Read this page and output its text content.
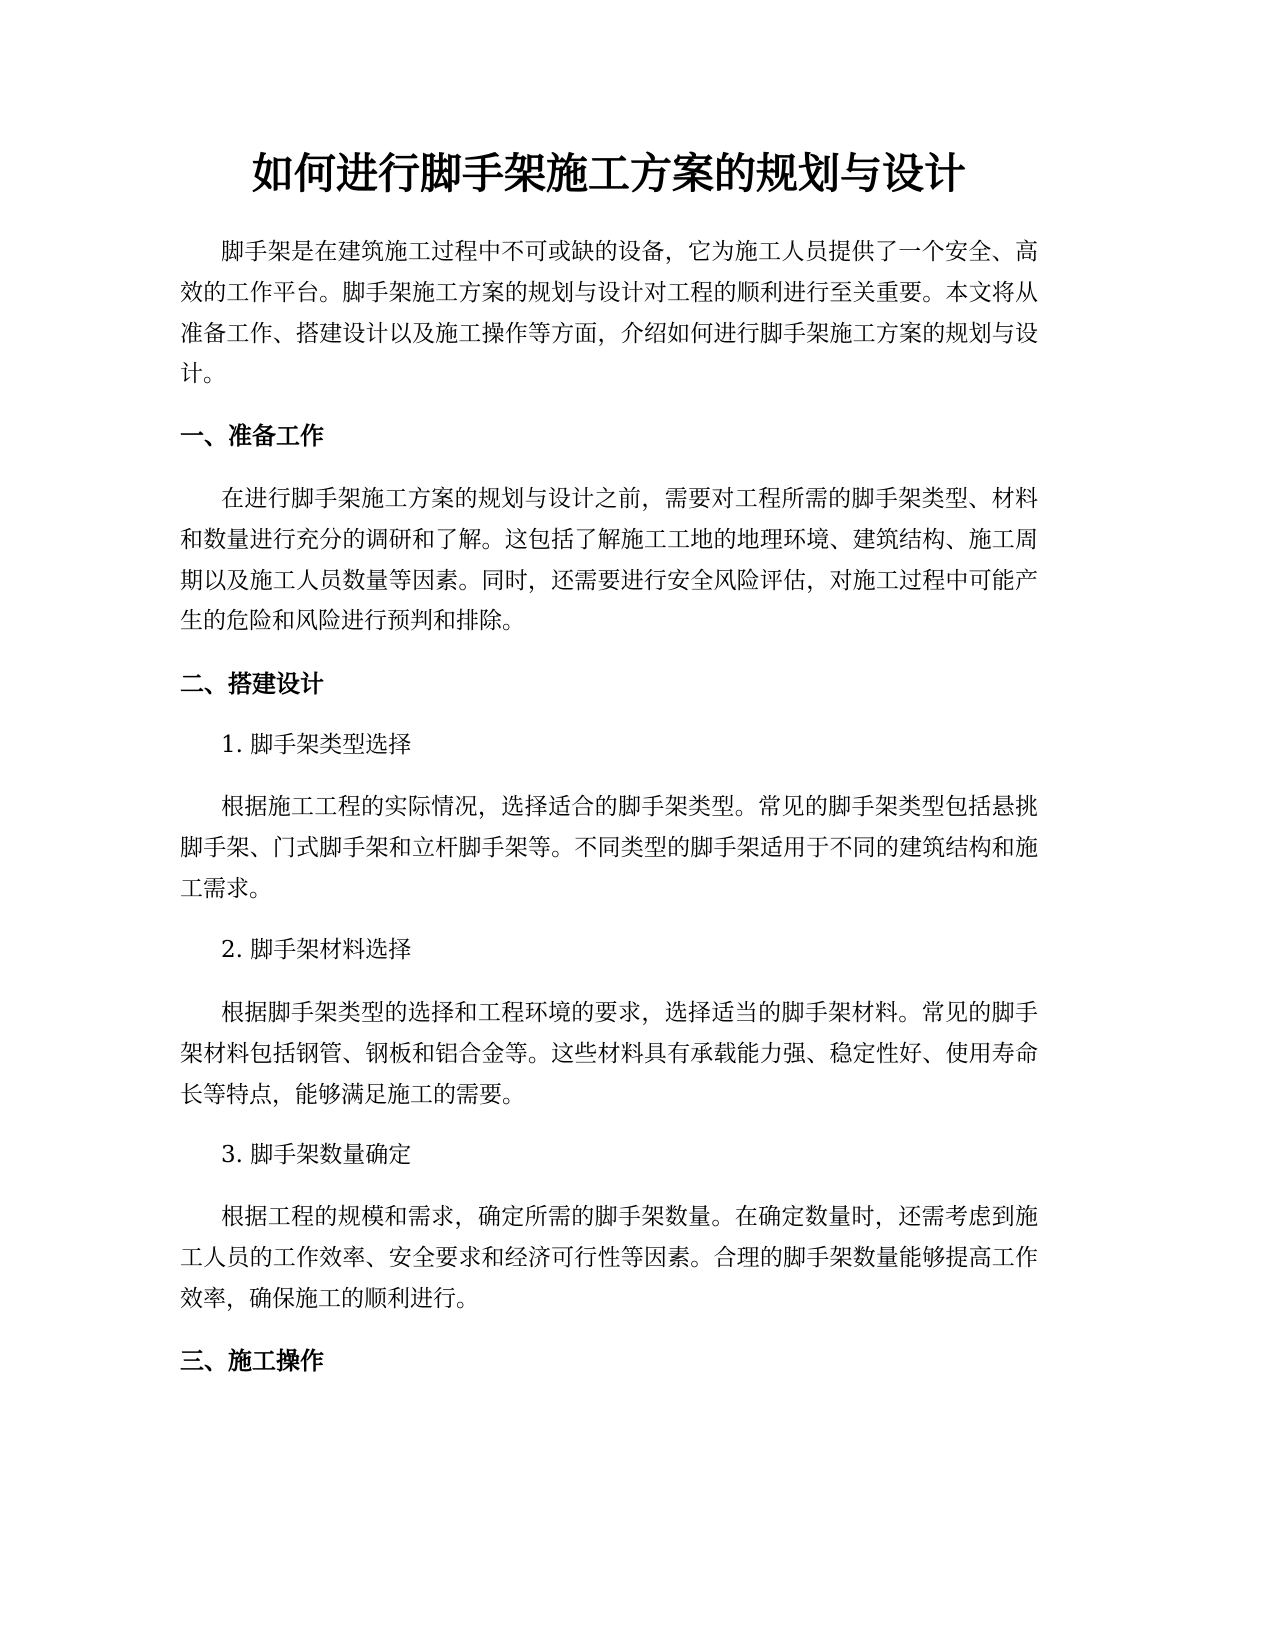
如何进行脚手架施工方案的规划与设计

脚手架是在建筑施工过程中不可或缺的设备，它为施工人员提供了一个安全、高效的工作平台。脚手架施工方案的规划与设计对工程的顺利进行至关重要。本文将从准备工作、搭建设计以及施工操作等方面，介绍如何进行脚手架施工方案的规划与设计。

一、准备工作

在进行脚手架施工方案的规划与设计之前，需要对工程所需的脚手架类型、材料和数量进行充分的调研和了解。这包括了解施工工地的地理环境、建筑结构、施工周期以及施工人员数量等因素。同时，还需要进行安全风险评估，对施工过程中可能产生的危险和风险进行预判和排除。

二、搭建设计
1. 脚手架类型选择

根据施工工程的实际情况，选择适合的脚手架类型。常见的脚手架类型包括悬挑脚手架、门式脚手架和立杆脚手架等。不同类型的脚手架适用于不同的建筑结构和施工需求。

2. 脚手架材料选择

根据脚手架类型的选择和工程环境的要求，选择适当的脚手架材料。常见的脚手架材料包括钢管、钢板和铝合金等。这些材料具有承载能力强、稳定性好、使用寿命长等特点，能够满足施工的需要。

3. 脚手架数量确定

根据工程的规模和需求，确定所需的脚手架数量。在确定数量时，还需考虑到施工人员的工作效率、安全要求和经济可行性等因素。合理的脚手架数量能够提高工作效率，确保施工的顺利进行。

三、施工操作
